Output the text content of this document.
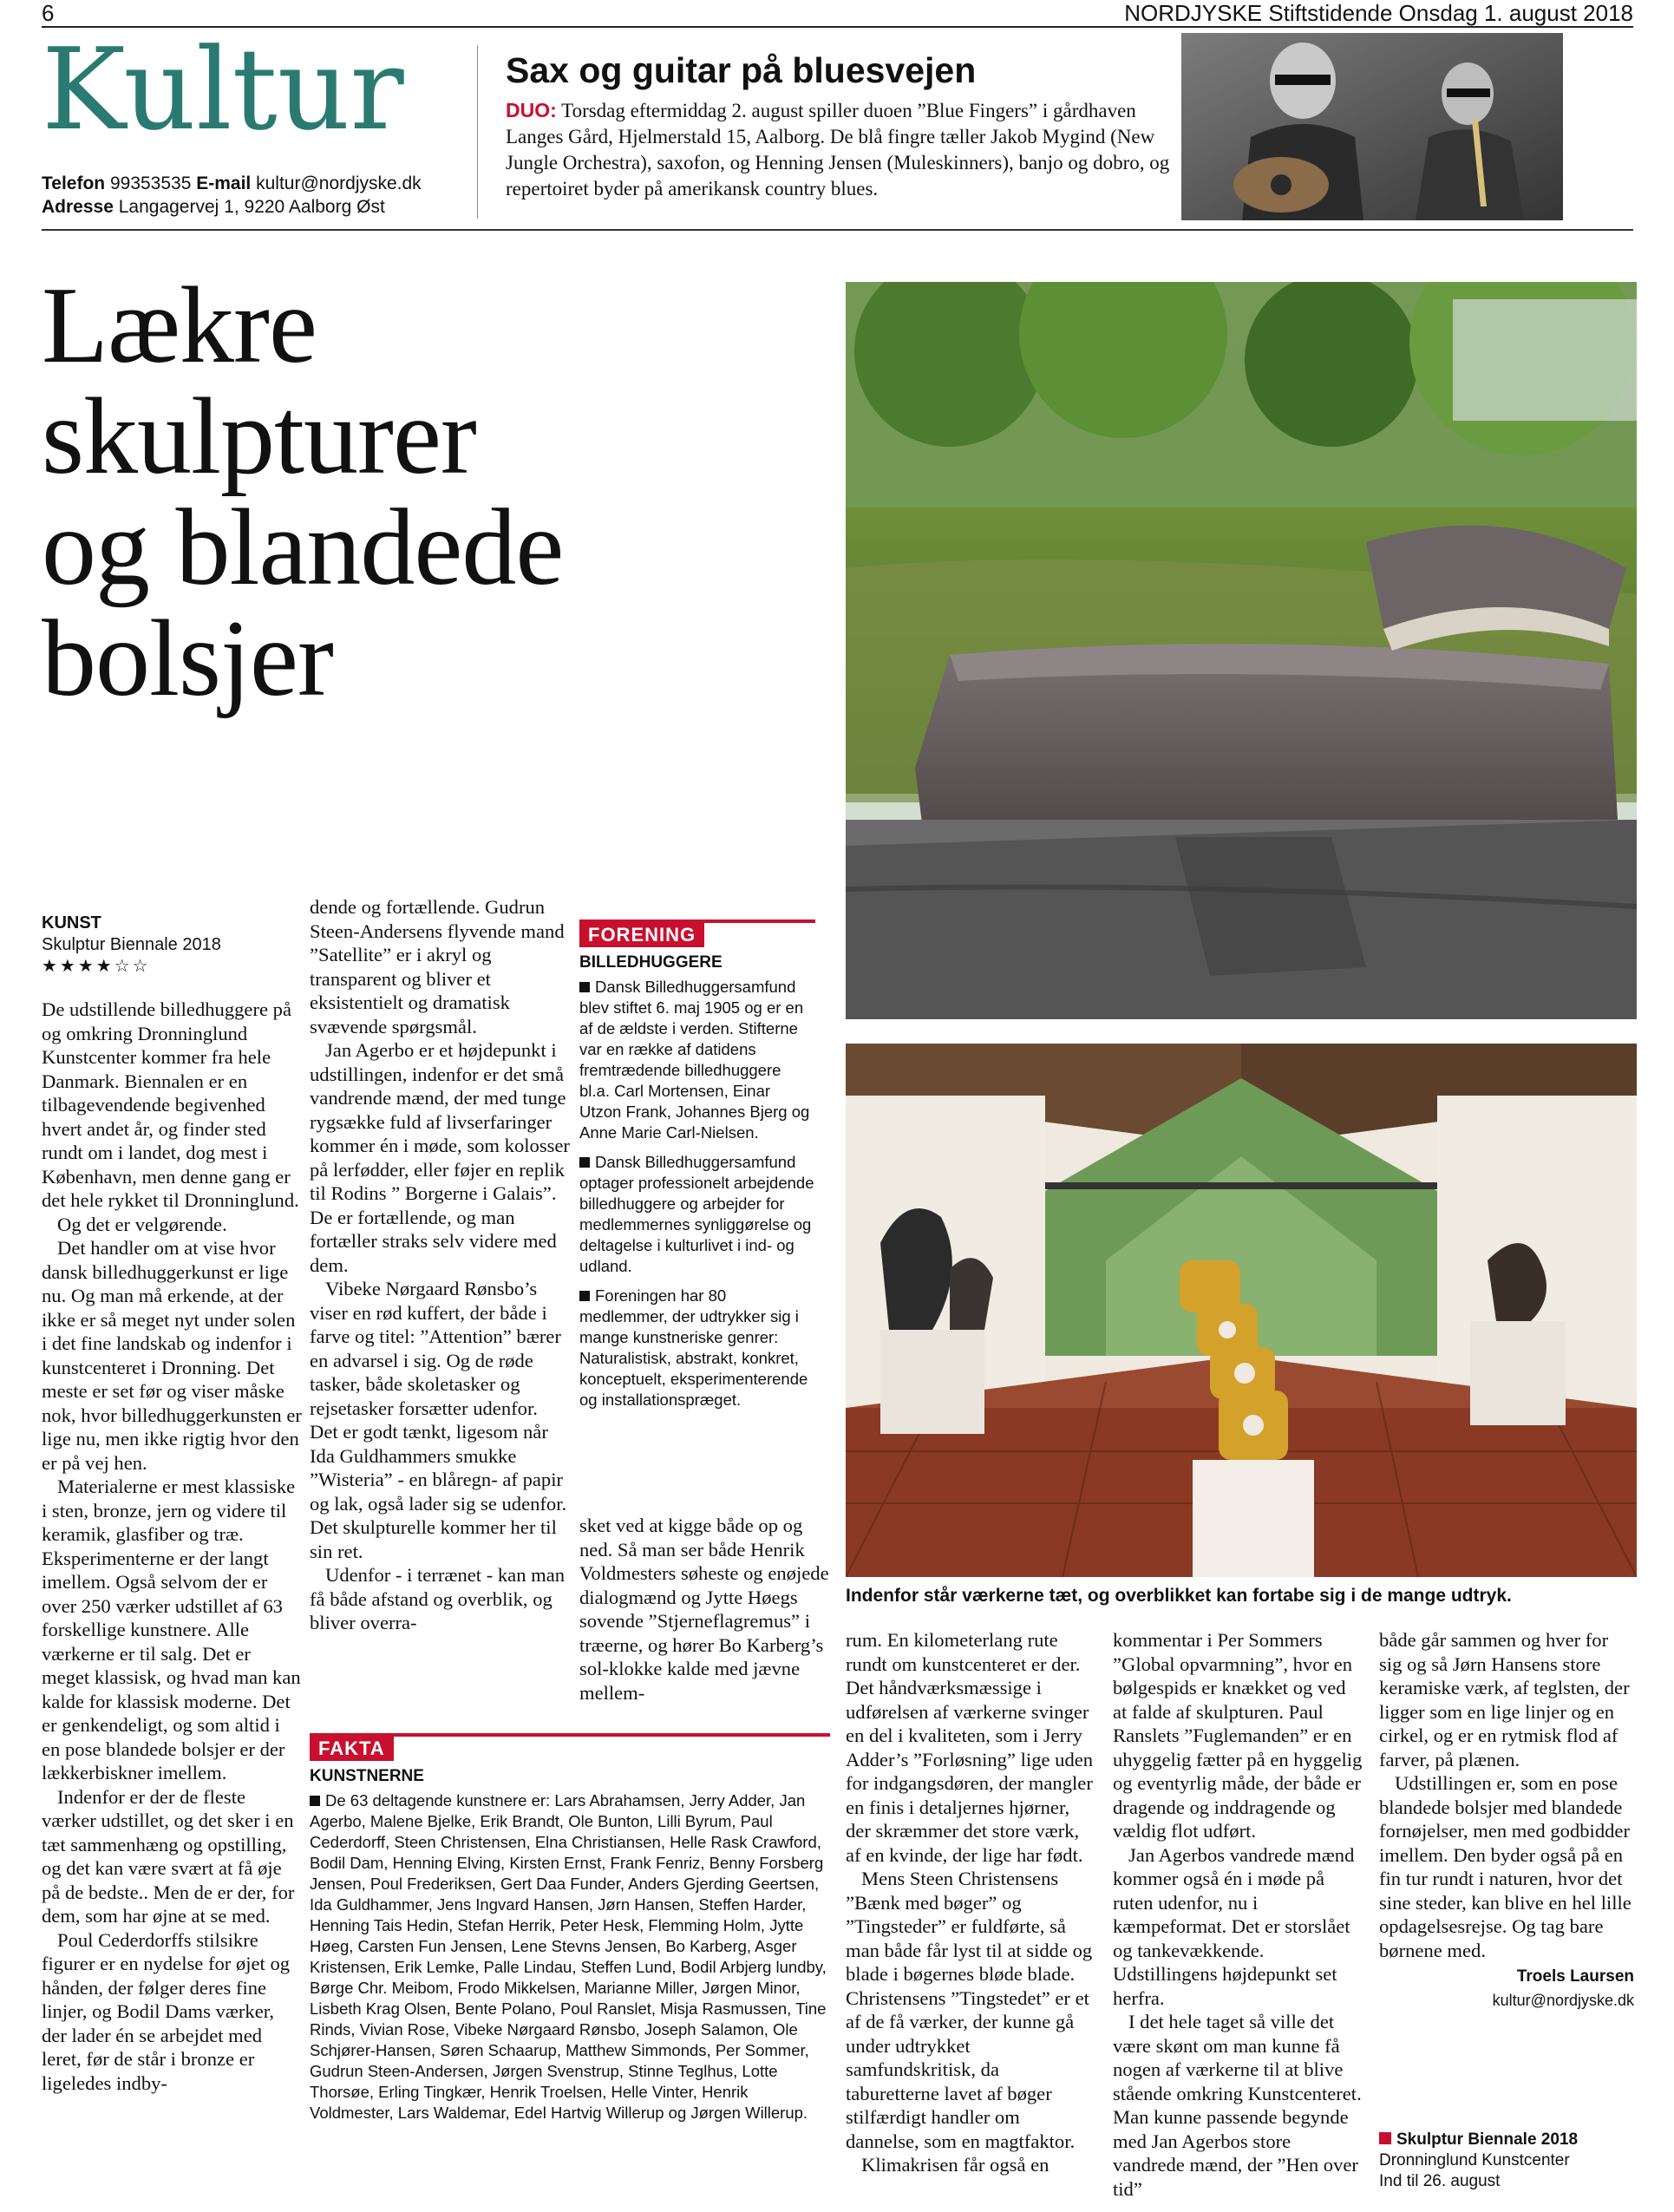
6	NORDJYSKE Stiftstidende Onsdag 1. august 2018
Kultur
Telefon 99353535 E-mail kultur@nordjyske.dk
Adresse Langagervej 1, 9220 Aalborg Øst
Sax og guitar på bluesvejen
DUO: Torsdag eftermiddag 2. august spiller duoen ”Blue Fingers” i gårdhaven Langes Gård, Hjelmerstald 15, Aalborg. De blå fingre tæller Jakob Mygind (New Jungle Orchestra), saxofon, og Henning Jensen (Muleskinners), banjo og dobro, og repertoiret byder på amerikansk country blues.
Lækre
skulpturer
og blandede
bolsjer
Indenfor står værkerne tæt, og overblikket kan fortabe sig i de mange udtryk.
KUNST
Skulptur Biennale 2018
★★★★☆☆

De udstillende billedhuggere på og omkring Dronninglund Kunstcenter kommer fra hele Danmark. Biennalen er en tilbagevendende begivenhed hvert andet år, og finder sted rundt om i landet, dog mest i København, men denne gang er det hele rykket til Dronninglund.

Og det er velgørende.

Det handler om at vise hvor dansk billedhuggerkunst er lige nu. Og man må erkende, at der ikke er så meget nyt under solen i det fine landskab og indenfor i kunstcenteret i Dronning. Det meste er set før og viser måske nok, hvor billedhuggerkunsten er lige nu, men ikke rigtig hvor den er på vej hen.

Materialerne er mest klassiske i sten, bronze, jern og videre til keramik, glasfiber og træ. Eksperimenterne er der langt imellem. Også selvom der er over 250 værker udstillet af 63 forskellige kunstnere. Alle værkerne er til salg. Det er meget klassisk, og hvad man kan kalde for klassisk moderne. Det er genkendeligt, og som altid i en pose blandede bolsjer er der lækkerbiskner imellem.

Indenfor er der de fleste værker udstillet, og det sker i en tæt sammenhæng og opstilling, og det kan være svært at få øje på de bedste.. Men de er der, for dem, som har øjne at se med.

Poul Cederdorffs stilsikre figurer er en nydelse for øjet og hånden, der følger deres fine linjer, og Bodil Dams værker, der lader én se arbejdet med leret, før de står i bronze er ligeledes indby-

dende og fortællende. Gudrun Steen-Andersens flyvende mand ”Satellite” er i akryl og transparent og bliver et eksistentielt og dramatisk svævende spørgsmål.

Jan Agerbo er et højdepunkt i udstillingen, indenfor er det små vandrende mænd, der med tunge rygsække fuld af livserfaringer kommer én i møde, som kolosser på lerfødder, eller føjer en replik til Rodins ” Borgerne i Galais”. De er fortællende, og man fortæller straks selv videre med dem.

Vibeke Nørgaard Rønsbo’s viser en rød kuffert, der både i farve og titel: ”Attention” bærer en advarsel i sig. Og de røde tasker, både skoletasker og rejsetasker forsætter udenfor. Det er godt tænkt, ligesom når Ida Guldhammers smukke ”Wisteria” - en blåregn- af papir og lak, også lader sig se udenfor. Det skulpturelle kommer her til sin ret.

Udenfor - i terrænet - kan man få både afstand og overblik, og bliver overra-

FORENING
BILLEDHUGGERE
Dansk Billedhuggersamfund blev stiftet 6. maj 1905 og er en af de ældste i verden. Stifterne var en række af datidens fremtrædende billedhuggere bl.a. Carl Mortensen, Einar Utzon Frank, Johannes Bjerg og Anne Marie Carl-Nielsen.
Dansk Billedhuggersamfund optager professionelt arbejdende billedhuggere og arbejder for medlemmernes synliggørelse og deltagelse i kulturlivet i ind- og udland.
Foreningen har 80 medlemmer, der udtrykker sig i mange kunstneriske genrer: Naturalistisk, abstrakt, konkret, konceptuelt, eksperimenterende og installationspræget.

sket ved at kigge både op og ned. Så man ser både Henrik Voldmesters søheste og enøjede dialogmænd og Jytte Høegs sovende ”Stjerneflagremus” i træerne, og hører Bo Karberg’s sol-klokke kalde med jævne mellem-

FAKTA
KUNSTNERNE
De 63 deltagende kunstnere er: Lars Abrahamsen, Jerry Adder, Jan Agerbo, Malene Bjelke, Erik Brandt, Ole Bunton, Lilli Byrum, Paul Cederdorff, Steen Christensen, Elna Christiansen, Helle Rask Crawford, Bodil Dam, Henning Elving, Kirsten Ernst, Frank Fenriz, Benny Forsberg Jensen, Poul Frederiksen, Gert Daa Funder, Anders Gjerding Geertsen, Ida Guldhammer, Jens Ingvard Hansen, Jørn Hansen, Steffen Harder, Henning Tais Hedin, Stefan Herrik, Peter Hesk, Flemming Holm, Jytte Høeg, Carsten Fun Jensen, Lene Stevns Jensen, Bo Karberg, Asger Kristensen, Erik Lemke, Palle Lindau, Steffen Lund, Bodil Arbjerg lundby, Børge Chr. Meibom, Frodo Mikkelsen, Marianne Miller, Jørgen Minor, Lisbeth Krag Olsen, Bente Polano, Poul Ranslet, Misja Rasmussen, Tine Rinds, Vivian Rose, Vibeke Nørgaard Rønsbo, Joseph Salamon, Ole Schjører-Hansen, Søren Schaarup, Matthew Simmonds, Per Sommer, Gudrun Steen-Andersen, Jørgen Svenstrup, Stinne Teglhus, Lotte Thorsøe, Erling Tingkær, Henrik Troelsen, Helle Vinter, Henrik Voldmester, Lars Waldemar, Edel Hartvig Willerup og Jørgen Willerup.

rum. En kilometerlang rute rundt om kunstcenteret er der. Det håndværksmæssige i udførelsen af værkerne svinger en del i kvaliteten, som i Jerry Adder’s ”Forløsning” lige uden for indgangsdøren, der mangler en finis i detaljernes hjørner, der skræmmer det store værk, af en kvinde, der lige har født.

Mens Steen Christensens ”Bænk med bøger” og ”Tingsteder” er fuldførte, så man både får lyst til at sidde og blade i bøgernes bløde blade. Christensens ”Tingstedet” er et af de få værker, der kunne gå under udtrykket samfundskritisk, da taburetterne lavet af bøger stilfærdigt handler om dannelse, som en magtfaktor.

Klimakrisen får også en

kommentar i Per Sommers ”Global opvarmning”, hvor en bølgespids er knækket og ved at falde af skulpturen. Paul Ranslets ”Fuglemanden” er en uhyggelig fætter på en hyggelig og eventyrlig måde, der både er dragende og inddragende og vældig flot udført.

Jan Agerbos vandrede mænd kommer også én i møde på ruten udenfor, nu i kæmpeformat. Det er storslået og tankevækkende. Udstillingens højdepunkt set herfra.

I det hele taget så ville det være skønt om man kunne få nogen af værkerne til at blive stående omkring Kunstcenteret. Man kunne passende begynde med Jan Agerbos store vandrede mænd, der ”Hen over tid”

både går sammen og hver for sig og så Jørn Hansens store keramiske værk, af teglsten, der ligger som en lige linjer og en cirkel, og er en rytmisk flod af farver, på plænen.

Udstillingen er, som en pose blandede bolsjer med blandede fornøjelser, men med godbidder imellem. Den byder også på en fin tur rundt i naturen, hvor det sine steder, kan blive en hel lille opdagelsesrejse. Og tag bare børnene med.

Troels Laursen
kultur@nordjyske.dk
Skulptur Biennale 2018
Dronninglund Kunstcenter
Ind til 26. august
